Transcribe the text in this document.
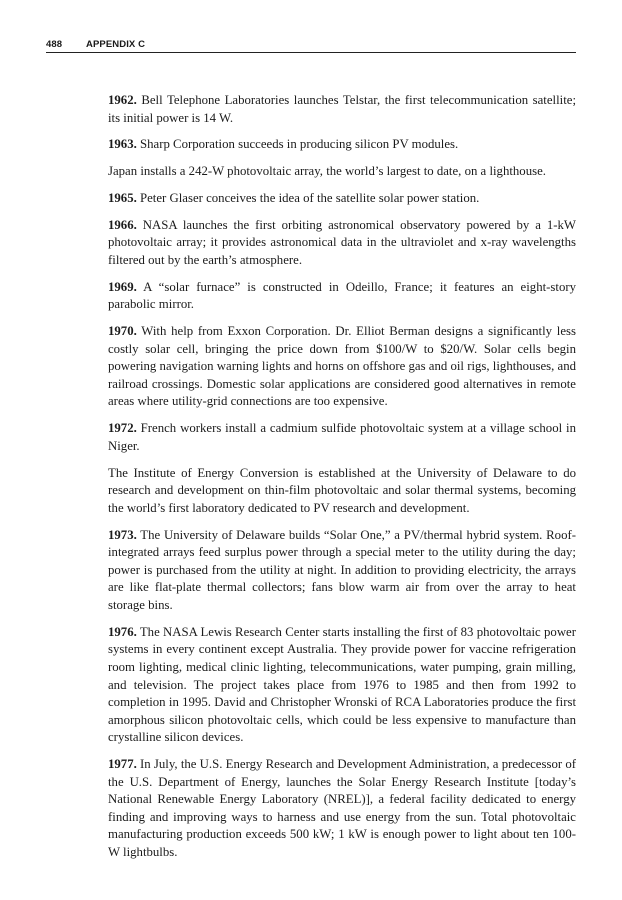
488	APPENDIX C

1962. Bell Telephone Laboratories launches Telstar, the first telecommunication satellite; its initial power is 14 W.

1963. Sharp Corporation succeeds in producing silicon PV modules.

Japan installs a 242-W photovoltaic array, the world’s largest to date, on a lighthouse.

1965. Peter Glaser conceives the idea of the satellite solar power station.

1966. NASA launches the first orbiting astronomical observatory powered by a 1-kW photovoltaic array; it provides astronomical data in the ultraviolet and x-ray wavelengths filtered out by the earth’s atmosphere.

1969. A “solar furnace” is constructed in Odeillo, France; it features an eight-story parabolic mirror.

1970. With help from Exxon Corporation. Dr. Elliot Berman designs a significantly less costly solar cell, bringing the price down from $100/W to $20/W. Solar cells begin powering navigation warning lights and horns on offshore gas and oil rigs, lighthouses, and railroad crossings. Domestic solar applications are considered good alternatives in remote areas where utility-grid connections are too expensive.

1972. French workers install a cadmium sulfide photovoltaic system at a village school in Niger.

The Institute of Energy Conversion is established at the University of Delaware to do research and development on thin-film photovoltaic and solar thermal systems, becoming the world’s first laboratory dedicated to PV research and development.

1973. The University of Delaware builds “Solar One,” a PV/thermal hybrid system. Roof-integrated arrays feed surplus power through a special meter to the utility during the day; power is purchased from the utility at night. In addition to providing electricity, the arrays are like flat-plate thermal collectors; fans blow warm air from over the array to heat storage bins.

1976. The NASA Lewis Research Center starts installing the first of 83 photovoltaic power systems in every continent except Australia. They provide power for vaccine refrigeration room lighting, medical clinic lighting, telecommunications, water pumping, grain milling, and television. The project takes place from 1976 to 1985 and then from 1992 to completion in 1995. David and Christopher Wronski of RCA Laboratories produce the first amorphous silicon photovoltaic cells, which could be less expensive to manufacture than crystalline silicon devices.

1977. In July, the U.S. Energy Research and Development Administration, a predecessor of the U.S. Department of Energy, launches the Solar Energy Research Institute [today’s National Renewable Energy Laboratory (NREL)], a federal facility dedicated to energy finding and improving ways to harness and use energy from the sun. Total photovoltaic manufacturing production exceeds 500 kW; 1 kW is enough power to light about ten 100-W lightbulbs.
